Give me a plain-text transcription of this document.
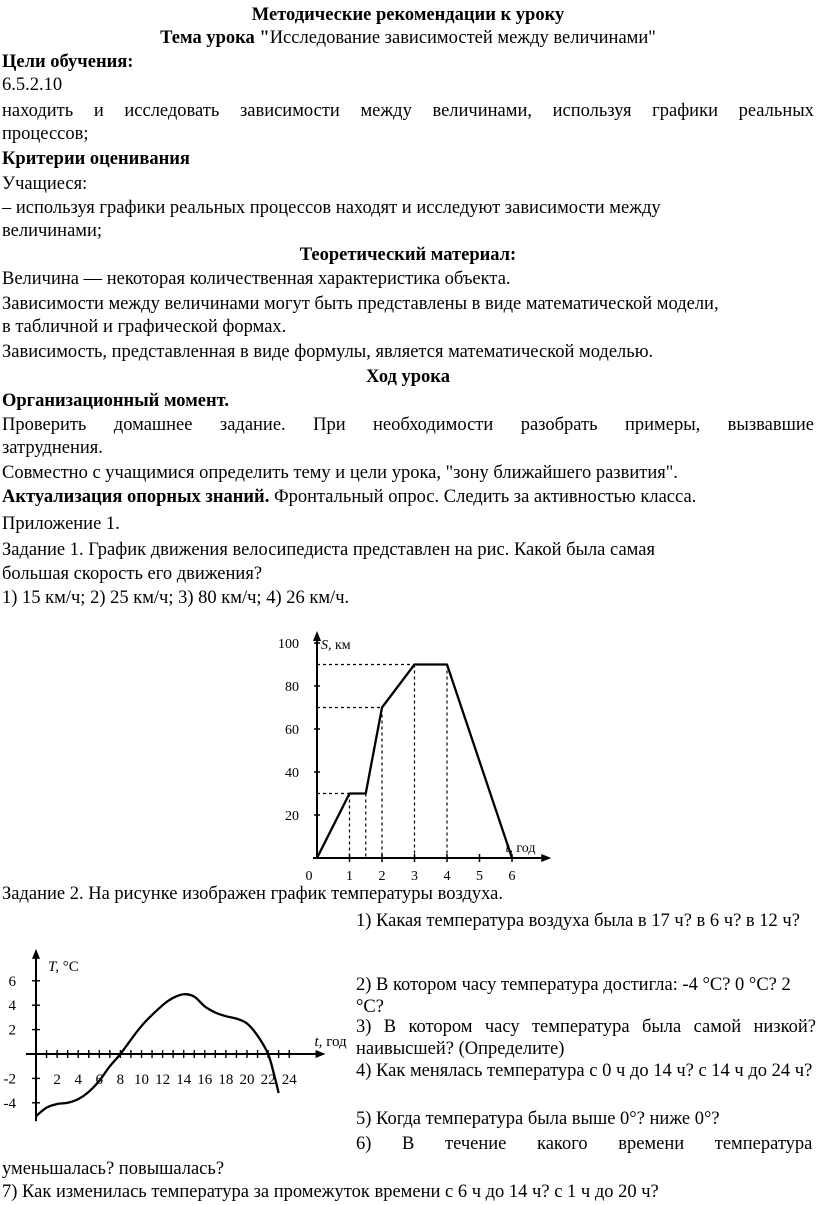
Методические рекомендации к уроку
Тема урока "Исследование зависимостей между величинами"
Цели обучения:
6.5.2.10
находить и исследовать зависимости между величинами, используя графики реальных
процессов;
Критерии оценивания
Учащиеся:
– используя графики реальных процессов находят и исследуют зависимости между
величинами;
Теоретический материал:
Величина — некоторая количественная характеристика объекта.
Зависимости между величинами могут быть представлены в виде математической модели,
в табличной и графической формах.
Зависимость, представленная в виде формулы, является математической моделью.
Ход урока
Организационный момент.
Проверить домашнее задание. При необходимости разобрать примеры, вызвавшие
затруднения.
Совместно с учащимися определить тему и цели урока, "зону ближайшего развития".
Актуализация опорных знаний. Фронтальный опрос. Следить за активностью класса.
Приложение 1.
Задание 1. График движения велосипедиста представлен на рис. Какой была самая
большая скорость его движения?
1) 15 км/ч; 2) 25 км/ч; 3) 80 км/ч; 4) 26 км/ч.
20
40
60
80
100
0 1 2 3 4 5 6
S, км
t, год
Задание 2. На рисунке изображен график температуры воздуха.
2 4 6 8 10 12 14 16 18 20 22 24
6
4
2
-2
-4
T, °C
t, год
1) Какая температура воздуха была в 17 ч? в 6 ч? в 12 ч?
2) В котором часу температура достигла: -4 °С? 0 °С? 2 °С?
3) В котором часу температура была самой низкой? наивысшей? (Определите)
4) Как менялась температура с 0 ч до 14 ч? с 14 ч до 24 ч?
5) Когда температура была выше 0°? ниже 0°?
6) В течение какого времени температура
уменьшалась? повышалась?
7) Как изменилась температура за промежуток времени с 6 ч до 14 ч? с 1 ч до 20 ч?
